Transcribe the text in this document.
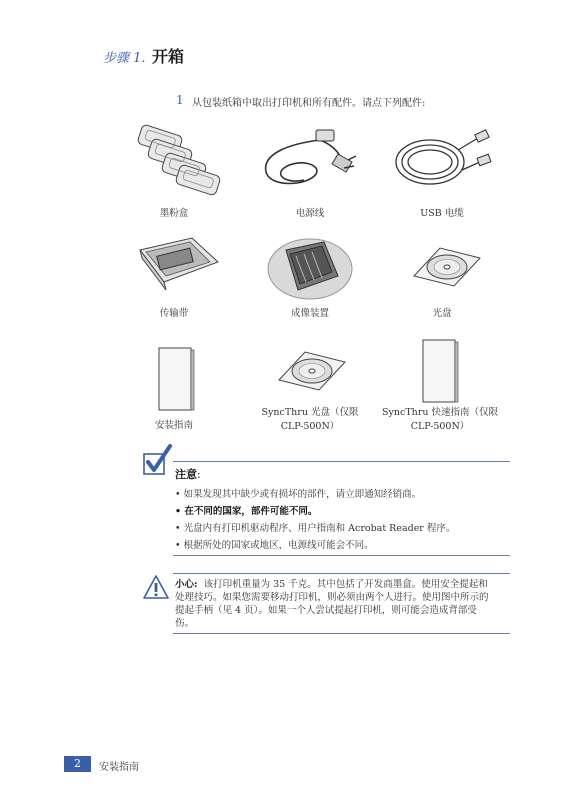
步骤 1. 开箱
1 从包装纸箱中取出打印机和所有配件。请点下列配件:
墨粉盒	电源线	USB 电缆
传输带	成像装置	光盘
安装指南
SyncThru 光盘（仅限
CLP-500N）
SyncThru 快速指南（仅限
CLP-500N）
注意:
• 如果发现其中缺少或有损坏的部件，请立即通知经销商。
• 在不同的国家，部件可能不同。
• 光盘内有打印机驱动程序、用户指南和 Acrobat Reader 程序。
• 根据所处的国家或地区，电源线可能会不同。
小心: 该打印机重量为 35 千克。其中包括了开发商墨盒。使用安全提起和
处理技巧。如果您需要移动打印机，则必须由两个人进行。使用图中所示的
提起手柄（见 4 页）。如果一个人尝试提起打印机，则可能会造成背部受
伤。
2	安装指南
